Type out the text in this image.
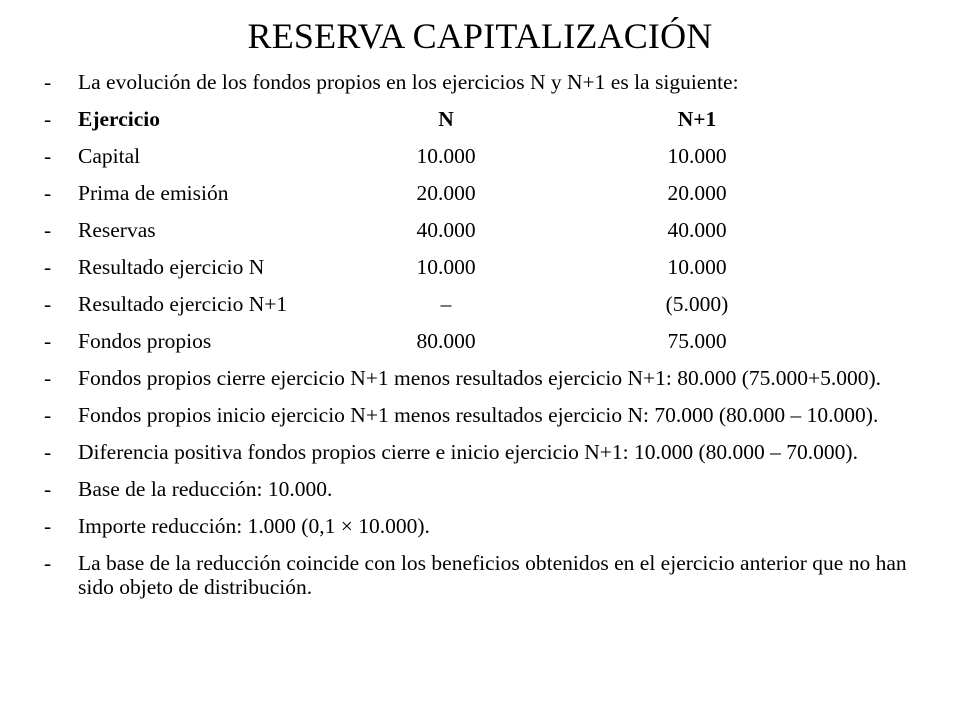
RESERVA CAPITALIZACIÓN
-	La evolución de los fondos propios en los ejercicios N y N+1 es la siguiente:
-	Ejercicio	N	N+1
-	Capital	10.000	10.000
-	Prima de emisión	20.000	20.000
-	Reservas	40.000	40.000
-	Resultado ejercicio N	10.000	10.000
-	Resultado ejercicio N+1	–	(5.000)
-	Fondos propios	80.000	75.000
-	Fondos propios cierre ejercicio N+1 menos resultados ejercicio N+1: 80.000 (75.000+5.000).
-	Fondos propios inicio ejercicio N+1 menos resultados ejercicio N: 70.000 (80.000 – 10.000).
-	Diferencia positiva fondos propios cierre e inicio ejercicio N+1: 10.000 (80.000 – 70.000).
-	Base de la reducción: 10.000.
-	Importe reducción: 1.000 (0,1 × 10.000).
-	La base de la reducción coincide con los beneficios obtenidos en el ejercicio anterior que no han sido objeto de distribución.
